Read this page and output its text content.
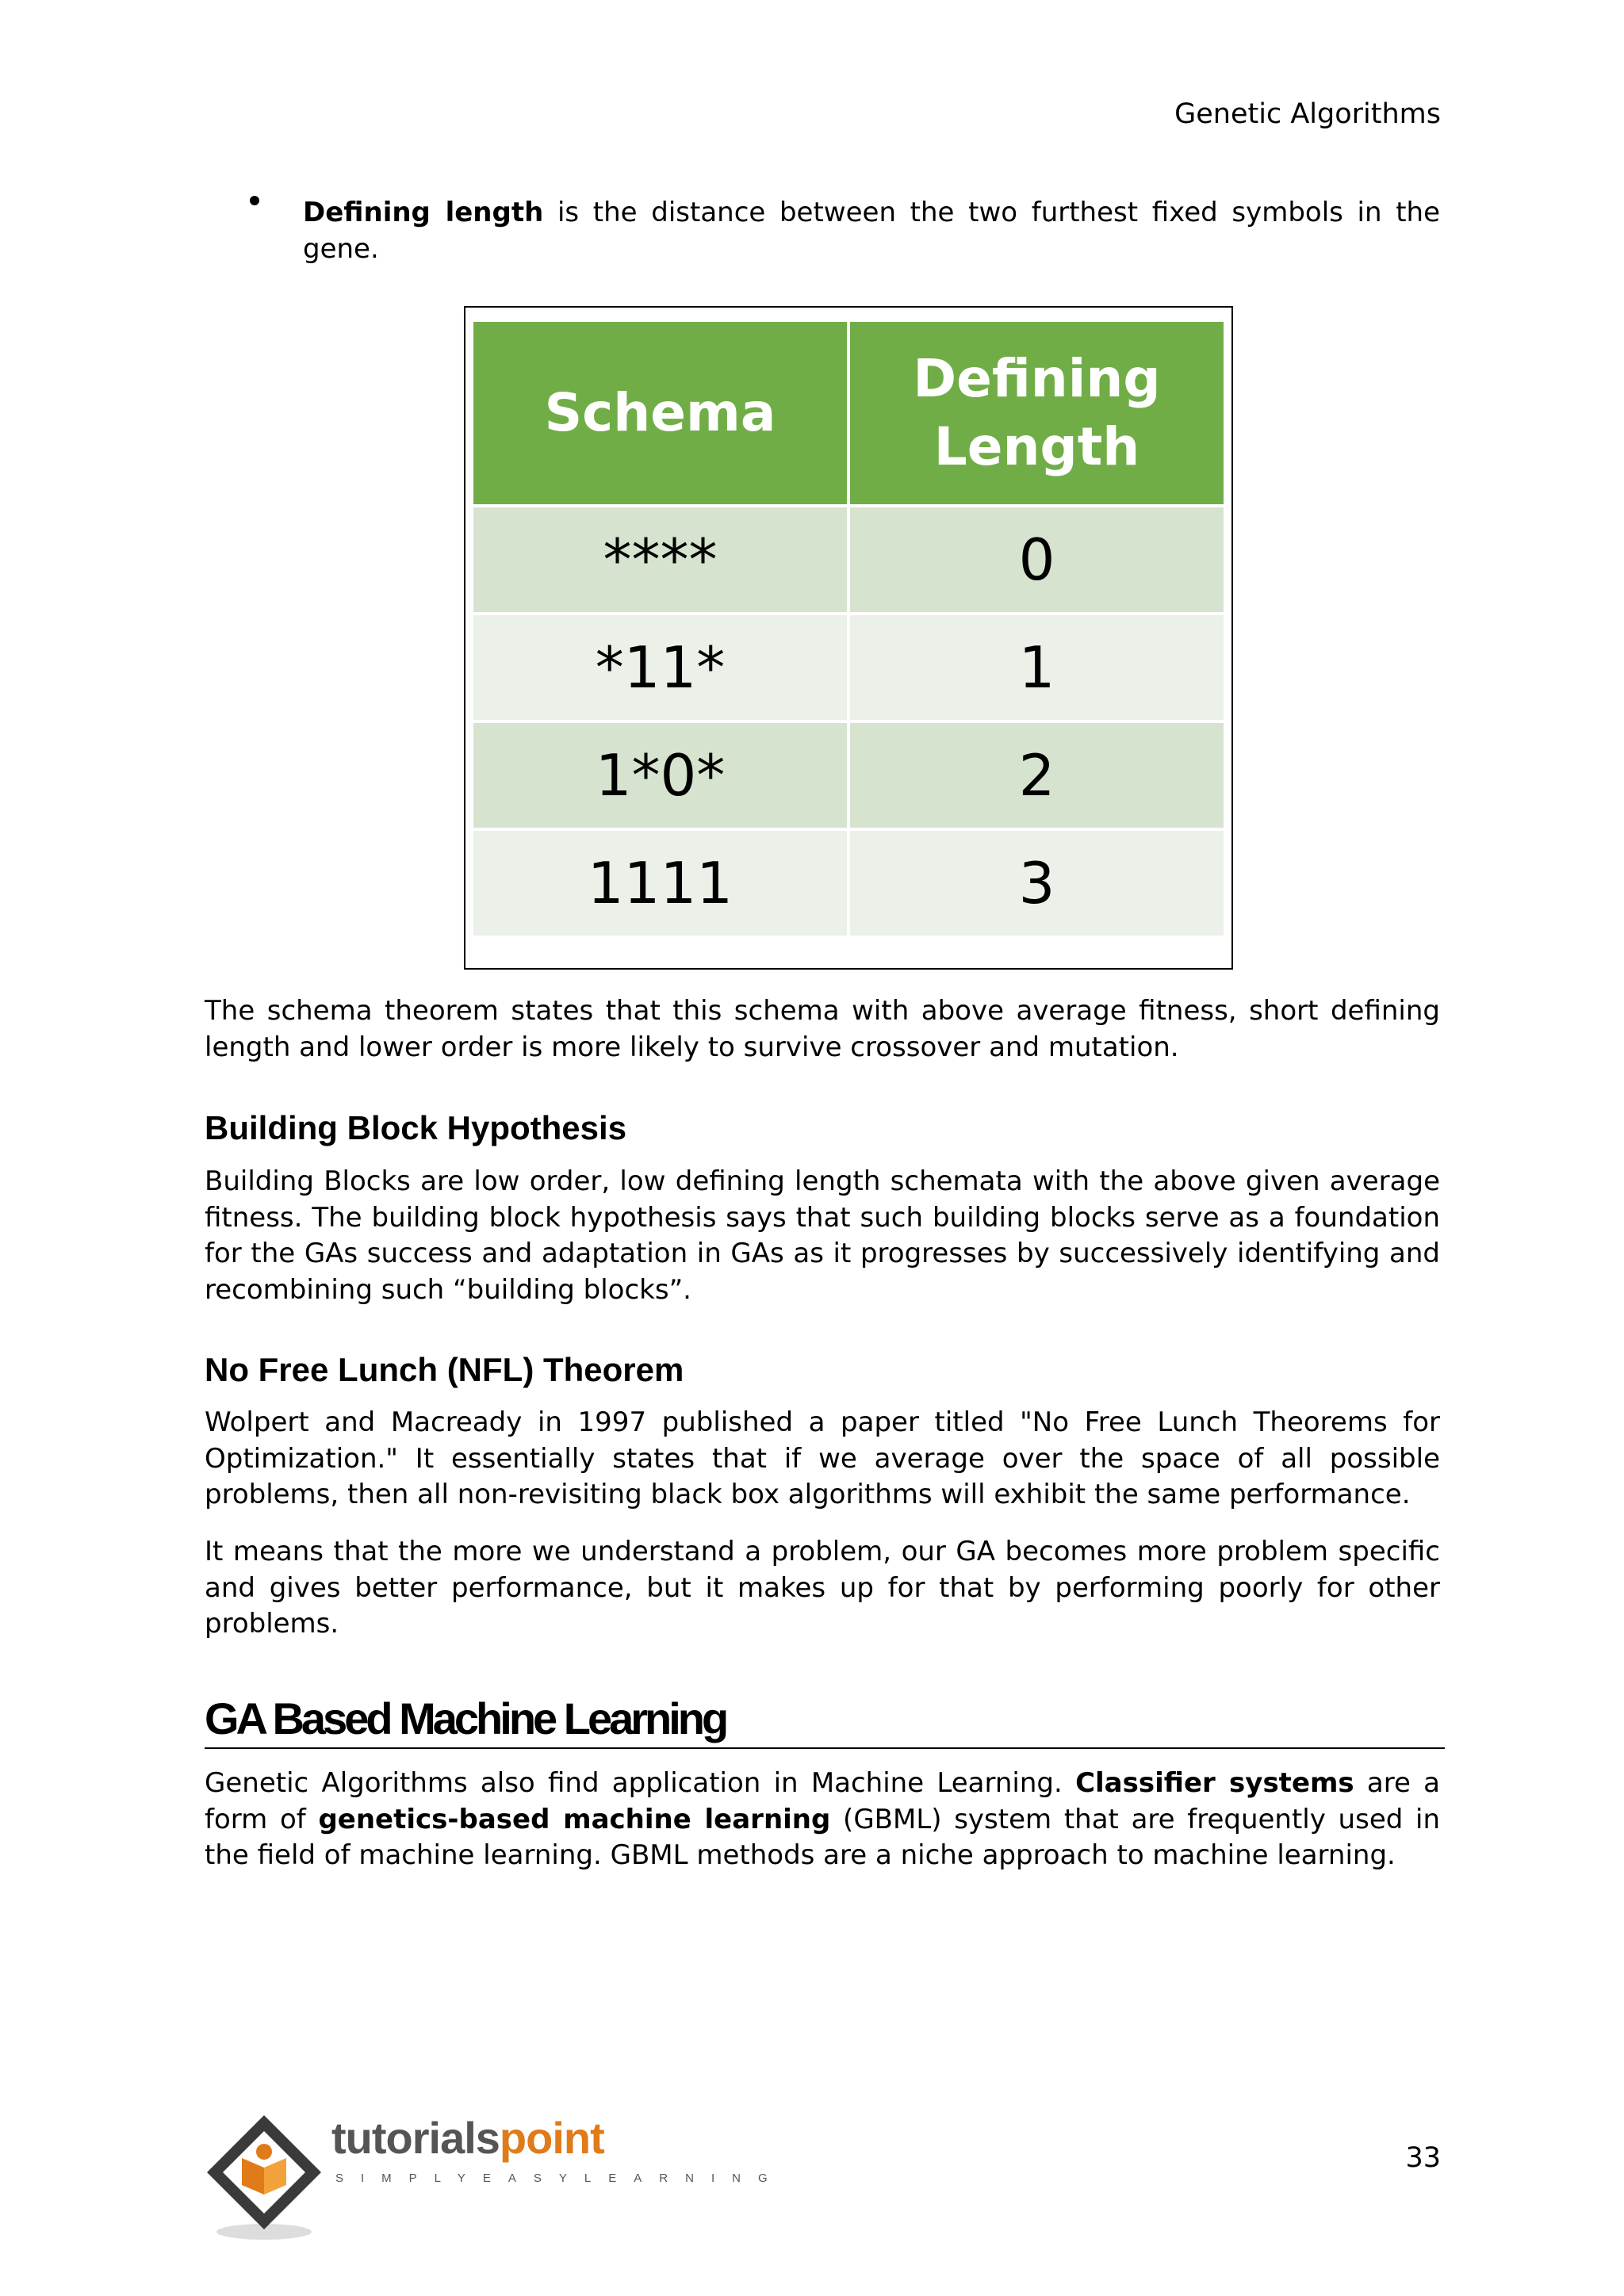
Genetic Algorithms

Defining length is the distance between the two furthest fixed symbols in the gene.

Schema	Defining Length
****	0
*11*	1
1*0*	2
1111	3

The schema theorem states that this schema with above average fitness, short defining length and lower order is more likely to survive crossover and mutation.

Building Block Hypothesis

Building Blocks are low order, low defining length schemata with the above given average fitness. The building block hypothesis says that such building blocks serve as a foundation for the GAs success and adaptation in GAs as it progresses by successively identifying and recombining such “building blocks”.

No Free Lunch (NFL) Theorem

Wolpert and Macready in 1997 published a paper titled "No Free Lunch Theorems for Optimization." It essentially states that if we average over the space of all possible problems, then all non-revisiting black box algorithms will exhibit the same performance.

It means that the more we understand a problem, our GA becomes more problem specific and gives better performance, but it makes up for that by performing poorly for other problems.

GA Based Machine Learning

Genetic Algorithms also find application in Machine Learning. Classifier systems are a form of genetics-based machine learning (GBML) system that are frequently used in the field of machine learning. GBML methods are a niche approach to machine learning.

tutorialspoint
SIMPLYEASYLEARNING
33
